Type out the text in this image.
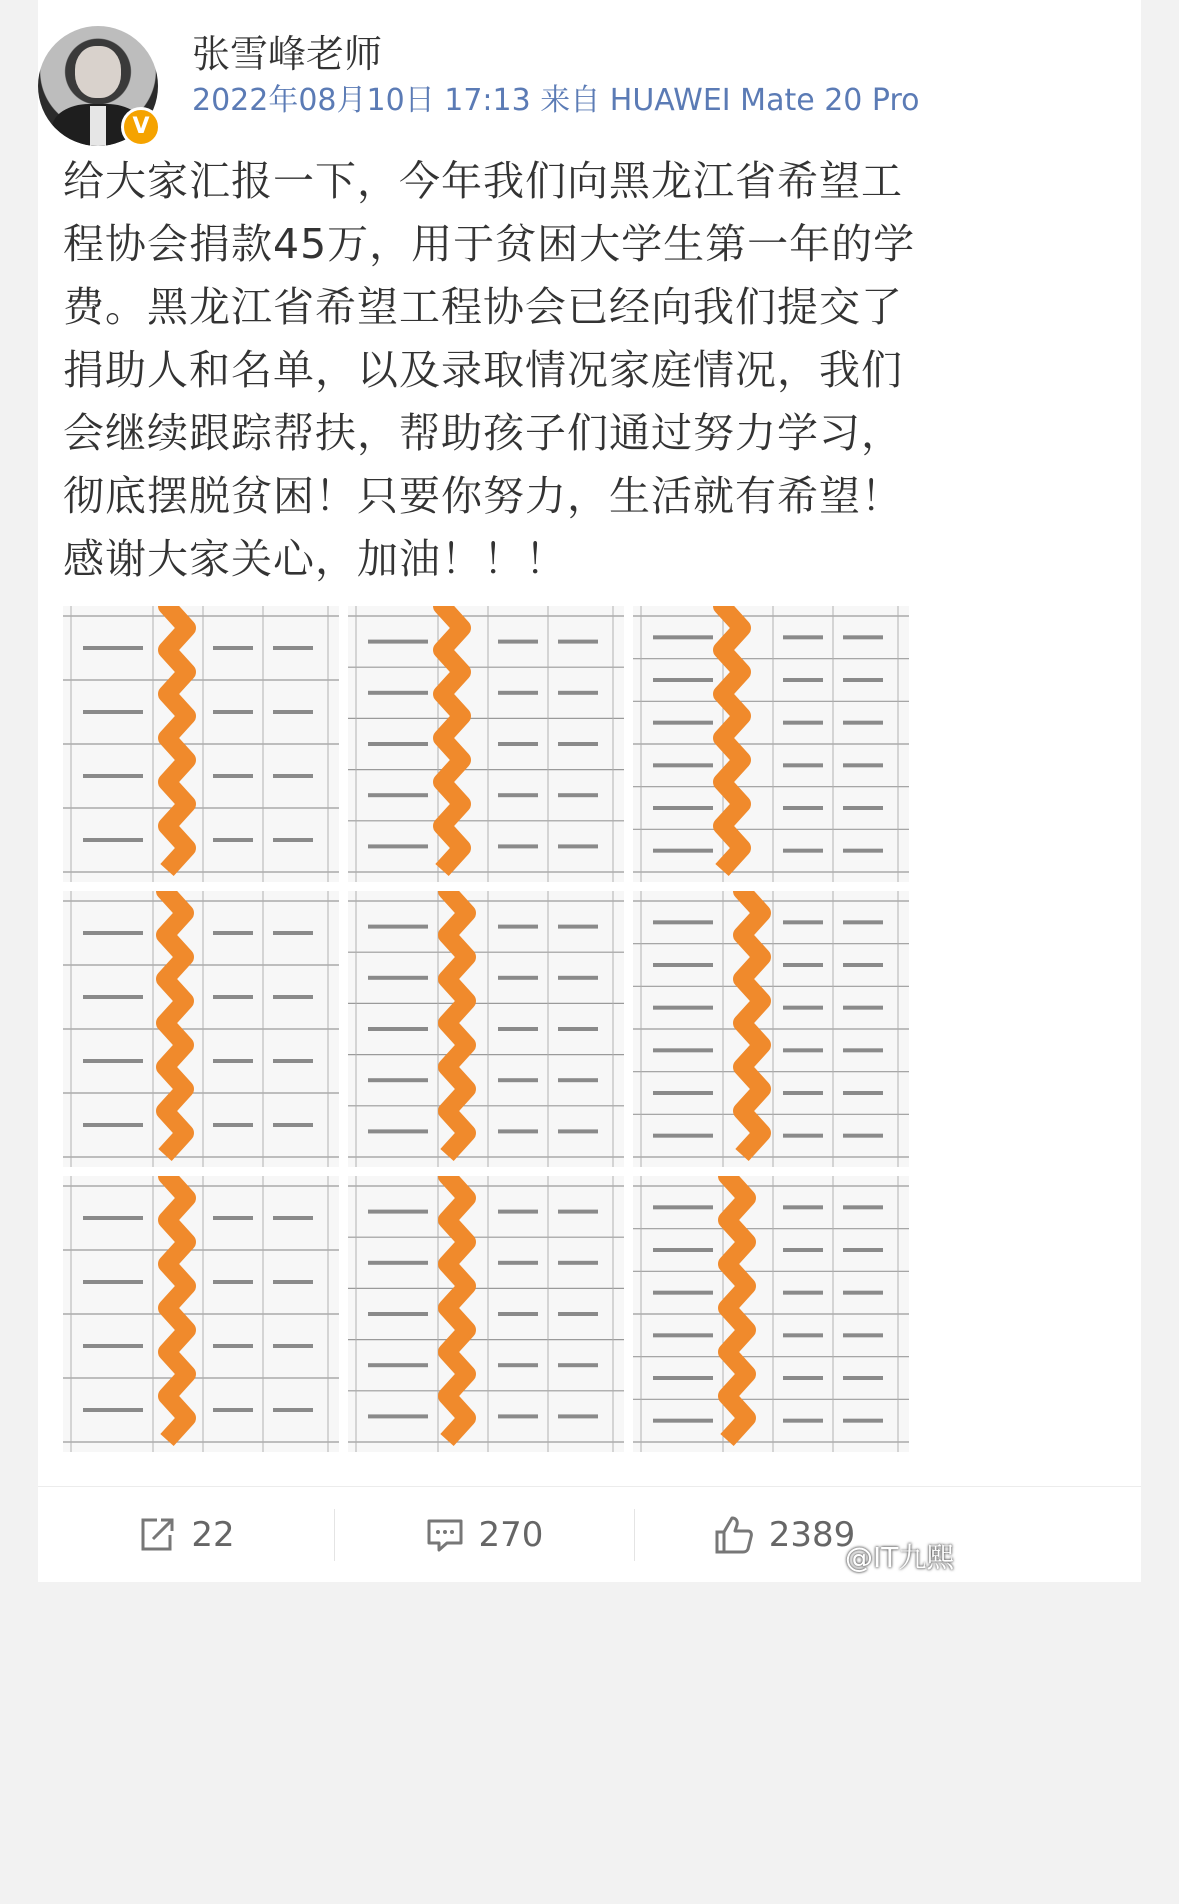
V
张雪峰老师
2022年08月10日 17:13 来自 HUAWEI Mate 20 Pro
给大家汇报一下，今年我们向黑龙江省希望工程协会捐款45万，用于贫困大学生第一年的学费。黑龙江省希望工程协会已经向我们提交了捐助人和名单，以及录取情况家庭情况，我们会继续跟踪帮扶，帮助孩子们通过努力学习，彻底摆脱贫困！只要你努力，生活就有希望！感谢大家关心，加油！！！
22	270	2389
@IT九熙
